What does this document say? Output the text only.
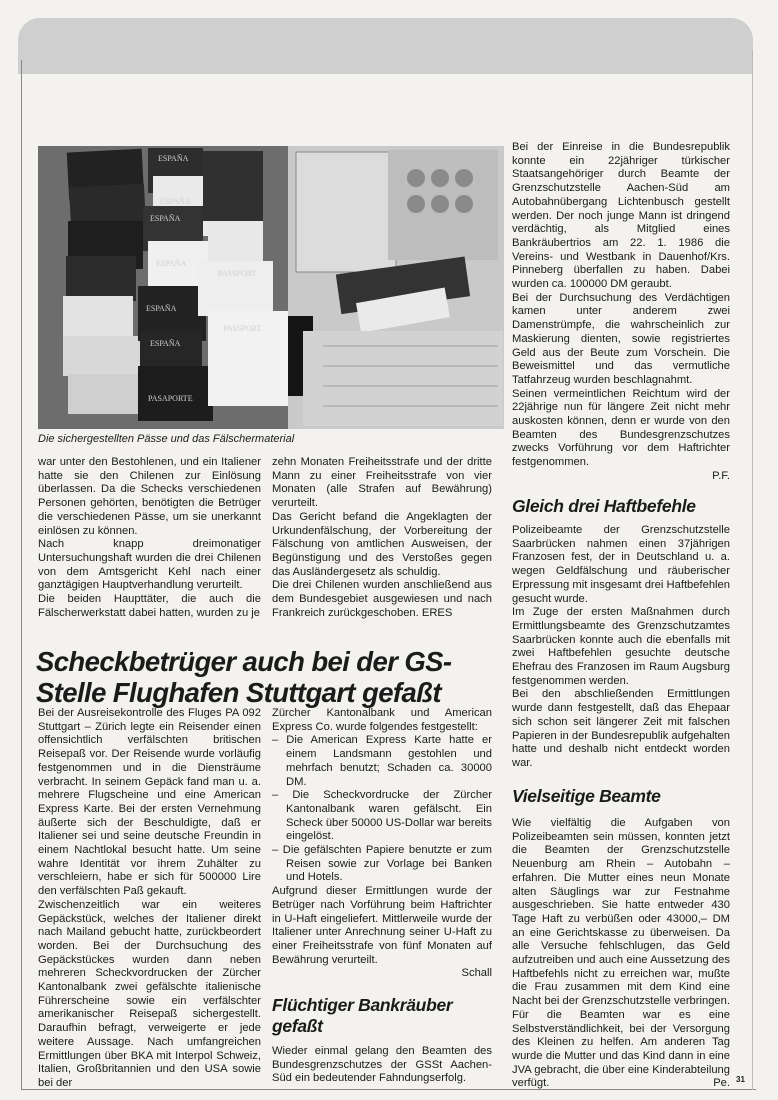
ESPAÑA
ESPAÑA
ESPAÑA
ESPAÑA
ESPAÑA
ESPAÑA
PASAPORTE
PASSPORT
PASSPORT
Die sichergestellten Pässe und das Fälschermaterial

war unter den Bestohlenen, und ein Italiener hatte sie den Chilenen zur Einlösung überlassen. Da die Schecks verschiedenen Personen gehörten, benötigten die Betrüger die verschiedenen Pässe, um sie unerkannt einlösen zu können.

Nach knapp dreimonatiger Untersuchungshaft wurden die drei Chilenen von dem Amtsgericht Kehl nach einer ganztägigen Hauptverhandlung verurteilt.

Die beiden Haupttäter, die auch die Fälscherwerkstatt dabei hatten, wurden zu je

zehn Monaten Freiheitsstrafe und der dritte Mann zu einer Freiheitsstrafe von vier Monaten (alle Strafen auf Bewährung) verurteilt.

Das Gericht befand die Angeklagten der Urkundenfälschung, der Vorbereitung der Fälschung von amtlichen Ausweisen, der Begünstigung und des Verstoßes gegen das Ausländergesetz als schuldig.

Die drei Chilenen wurden anschließend aus dem Bundesgebiet ausgewiesen und nach Frankreich zurückgeschoben. ERES

Scheckbetrüger auch bei der GS-Stelle Flughafen Stuttgart gefaßt

Bei der Ausreisekontrolle des Fluges PA 092 Stuttgart – Zürich legte ein Reisender einen offensichtlich verfälschten britischen Reisepaß vor. Der Reisende wurde vorläufig festgenommen und in die Diensträume verbracht. In seinem Gepäck fand man u. a. mehrere Flugscheine und eine American Express Karte. Bei der ersten Vernehmung äußerte sich der Beschuldigte, daß er Italiener sei und seine deutsche Freundin in einem Nachtlokal besucht hatte. Um seine wahre Identität vor ihrem Zuhälter zu verschleiern, habe er sich für 500000 Lire den verfälschten Paß gekauft.

Zwischenzeitlich war ein weiteres Gepäckstück, welches der Italiener direkt nach Mailand gebucht hatte, zurückbeordert worden. Bei der Durchsuchung des Gepäckstückes wurden dann neben mehreren Scheckvordrucken der Zürcher Kantonalbank zwei gefälschte italienische Führerscheine sowie ein verfälschter amerikanischer Reisepaß sichergestellt. Daraufhin befragt, verweigerte er jede weitere Aussage. Nach umfangreichen Ermittlungen über BKA mit Interpol Schweiz, Italien, Großbritannien und den USA sowie bei der

Zürcher Kantonalbank und American Express Co. wurde folgendes festgestellt:

– Die American Express Karte hatte er einem Landsmann gestohlen und mehrfach benutzt; Schaden ca. 30000 DM.
– Die Scheckvordrucke der Zürcher Kantonalbank waren gefälscht. Ein Scheck über 50000 US-Dollar war bereits eingelöst.
– Die gefälschten Papiere benutzte er zum Reisen sowie zur Vorlage bei Banken und Hotels.

Aufgrund dieser Ermittlungen wurde der Betrüger nach Vorführung beim Haftrichter in U-Haft eingeliefert. Mittlerweile wurde der Italiener unter Anrechnung seiner U-Haft zu einer Freiheitsstrafe von fünf Monaten auf Bewährung verurteilt.

Schall
Flüchtiger Bankräuber gefaßt

Wieder einmal gelang den Beamten des Bundesgrenzschutzes der GSSt Aachen-Süd ein bedeutender Fahndungserfolg.

Bei der Einreise in die Bundesrepublik konnte ein 22jähriger türkischer Staatsangehöriger durch Beamte der Grenzschutzstelle Aachen-Süd am Autobahnübergang Lichtenbusch gestellt werden. Der noch junge Mann ist dringend verdächtig, als Mitglied eines Bankräubertrios am 22. 1. 1986 die Vereins- und Westbank in Dauenhof/Krs. Pinneberg überfallen zu haben. Dabei wurden ca. 100000 DM geraubt.

Bei der Durchsuchung des Verdächtigen kamen unter anderem zwei Damenstrümpfe, die wahrscheinlich zur Maskierung dienten, sowie registriertes Geld aus der Beute zum Vorschein. Die Beweismittel und das vermutliche Tatfahrzeug wurden beschlagnahmt.

Seinen vermeintlichen Reichtum wird der 22jährige nun für längere Zeit nicht mehr auskosten können, denn er wurde von den Beamten des Bundesgrenzschutzes zwecks Vorführung vor dem Haftrichter festgenommen.

P.F.
Gleich drei Haftbefehle

Polizeibeamte der Grenzschutzstelle Saarbrücken nahmen einen 37jährigen Franzosen fest, der in Deutschland u. a. wegen Geldfälschung und räuberischer Erpressung mit insgesamt drei Haftbefehlen gesucht wurde.

Im Zuge der ersten Maßnahmen durch Ermittlungsbeamte des Grenzschutzamtes Saarbrücken konnte auch die ebenfalls mit zwei Haftbefehlen gesuchte deutsche Ehefrau des Franzosen im Raum Augsburg festgenommen werden.

Bei den abschließenden Ermittlungen wurde dann festgestellt, daß das Ehepaar sich schon seit längerer Zeit mit falschen Papieren in der Bundesrepublik aufgehalten hatte und deshalb nicht entdeckt worden war.

Vielseitige Beamte

Wie vielfältig die Aufgaben von Polizeibeamten sein müssen, konnten jetzt die Beamten der Grenzschutzstelle Neuenburg am Rhein – Autobahn – erfahren. Die Mutter eines neun Monate alten Säuglings war zur Festnahme ausgeschrieben. Sie hatte entweder 430 Tage Haft zu verbüßen oder 43000,– DM an eine Gerichtskasse zu überweisen. Da alle Versuche fehlschlugen, das Geld aufzutreiben und auch eine Aussetzung des Haftbefehls nicht zu erreichen war, mußte die Frau zusammen mit dem Kind eine Nacht bei der Grenzschutzstelle verbringen. Für die Beamten war es eine Selbstverständlichkeit, bei der Versorgung des Kleinen zu helfen. Am anderen Tag wurde die Mutter und das Kind dann in eine JVA gebracht, die über eine Kinderabteilung verfügt.	Pe. 31
